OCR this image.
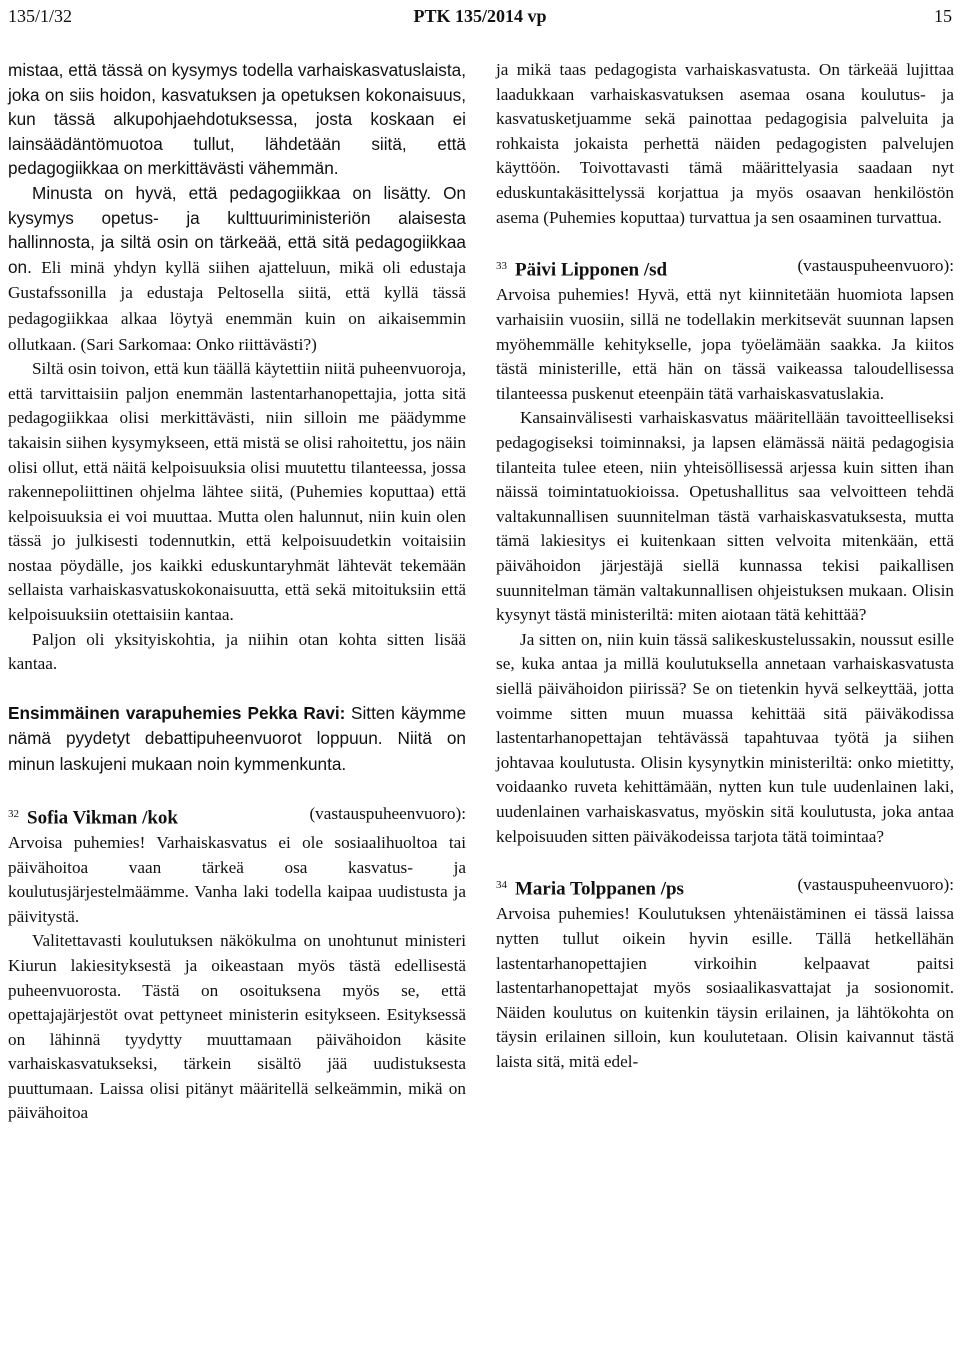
135/1/32	PTK 135/2014 vp	15

mistaa, että tässä on kysymys todella varhaiskasvatuslaista, joka on siis hoidon, kasvatuksen ja opetuksen kokonaisuus, kun tässä alkupohjaehdotuksessa, josta koskaan ei lainsäädäntömuotoa tullut, lähdetään siitä, että pedagogiikkaa on merkittävästi vähemmän.

Minusta on hyvä, että pedagogiikkaa on lisätty. On kysymys opetus- ja kulttuuriministeriön alaisesta hallinnosta, ja siltä osin on tärkeää, että sitä pedagogiikkaa on. Eli minä yhdyn kyllä siihen ajatteluun, mikä oli edustaja Gustafssonilla ja edustaja Peltosella siitä, että kyllä tässä pedagogiikkaa alkaa löytyä enemmän kuin on aikaisemmin ollutkaan. (Sari Sarkomaa: Onko riittävästi?)

Siltä osin toivon, että kun täällä käytettiin niitä puheenvuoroja, että tarvittaisiin paljon enemmän lastentarhanopettajia, jotta sitä pedagogiikkaa olisi merkittävästi, niin silloin me päädymme takaisin siihen kysymykseen, että mistä se olisi rahoitettu, jos näin olisi ollut, että näitä kelpoisuuksia olisi muutettu tilanteessa, jossa rakennepoliittinen ohjelma lähtee siitä, (Puhemies koputtaa) että kelpoisuuksia ei voi muuttaa. Mutta olen halunnut, niin kuin olen tässä jo julkisesti todennutkin, että kelpoisuudetkin voitaisiin nostaa pöydälle, jos kaikki eduskuntaryhmät lähtevät tekemään sellaista varhaiskasvatuskokonaisuutta, että sekä mitoituksiin että kelpoisuuksiin otettaisiin kantaa.

Paljon oli yksityiskohtia, ja niihin otan kohta sitten lisää kantaa.

Ensimmäinen varapuhemies Pekka Ravi: Sitten käymme nämä pyydetyt debattipuheenvuorot loppuun. Niitä on minun laskujeni mukaan noin kymmenkunta.

$^{32}$ Sofia Vikman /kok	(vastauspuheenvuoro):

Arvoisa puhemies! Varhaiskasvatus ei ole sosiaalihuoltoa tai päivähoitoa vaan tärkeä osa kasvatus- ja koulutusjärjestelmäämme. Vanha laki todella kaipaa uudistusta ja päivitystä.

Valitettavasti koulutuksen näkökulma on unohtunut ministeri Kiurun lakiesityksestä ja oikeastaan myös tästä edellisestä puheenvuorosta. Tästä on osoituksena myös se, että opettajajärjestöt ovat pettyneet ministerin esitykseen. Esityksessä on lähinnä tyydytty muuttamaan päivähoidon käsite varhaiskasvatukseksi, tärkein sisältö jää uudistuksesta puuttumaan. Laissa olisi pitänyt määritellä selkeämmin, mikä on päivähoitoa

ja mikä taas pedagogista varhaiskasvatusta. On tärkeää lujittaa laadukkaan varhaiskasvatuksen asemaa osana koulutus- ja kasvatusketjuamme sekä painottaa pedagogisia palveluita ja rohkaista jokaista perhettä näiden pedagogisten palvelujen käyttöön. Toivottavasti tämä määrittelyasia saadaan nyt eduskuntakäsittelyssä korjattua ja myös osaavan henkilöstön asema (Puhemies koputtaa) turvattua ja sen osaaminen turvattua.

$^{33}$ Päivi Lipponen /sd	(vastauspuheenvuoro):

Arvoisa puhemies! Hyvä, että nyt kiinnitetään huomiota lapsen varhaisiin vuosiin, sillä ne todellakin merkitsevät suunnan lapsen myöhemmälle kehitykselle, jopa työelämään saakka. Ja kiitos tästä ministerille, että hän on tässä vaikeassa taloudellisessa tilanteessa puskenut eteenpäin tätä varhaiskasvatuslakia.

Kansainvälisesti varhaiskasvatus määritellään tavoitteelliseksi pedagogiseksi toiminnaksi, ja lapsen elämässä näitä pedagogisia tilanteita tulee eteen, niin yhteisöllisessä arjessa kuin sitten ihan näissä toimintatuokioissa. Opetushallitus saa velvoitteen tehdä valtakunnallisen suunnitelman tästä varhaiskasvatuksesta, mutta tämä lakiesitys ei kuitenkaan sitten velvoita mitenkään, että päivähoidon järjestäjä siellä kunnassa tekisi paikallisen suunnitelman tämän valtakunnallisen ohjeistuksen mukaan. Olisin kysynyt tästä ministeriltä: miten aiotaan tätä kehittää?

Ja sitten on, niin kuin tässä salikeskustelussakin, noussut esille se, kuka antaa ja millä koulutuksella annetaan varhaiskasvatusta siellä päivähoidon piirissä? Se on tietenkin hyvä selkeyttää, jotta voimme sitten muun muassa kehittää sitä päiväkodissa lastentarhanopettajan tehtävässä tapahtuvaa työtä ja siihen johtavaa koulutusta. Olisin kysynytkin ministeriltä: onko mietitty, voidaanko ruveta kehittämään, nytten kun tule uudenlainen laki, uudenlainen varhaiskasvatus, myöskin sitä koulutusta, joka antaa kelpoisuuden sitten päiväkodeissa tarjota tätä toimintaa?

$^{34}$ Maria Tolppanen /ps	(vastauspuheenvuoro):

Arvoisa puhemies! Koulutuksen yhtenäistäminen ei tässä laissa nytten tullut oikein hyvin esille. Tällä hetkellähän lastentarhanopettajien virkoihin kelpaavat paitsi lastentarhanopettajat myös sosiaalikasvattajat ja sosionomit. Näiden koulutus on kuitenkin täysin erilainen, ja lähtökohta on täysin erilainen silloin, kun koulutetaan. Olisin kaivannut tästä laista sitä, mitä edel-
